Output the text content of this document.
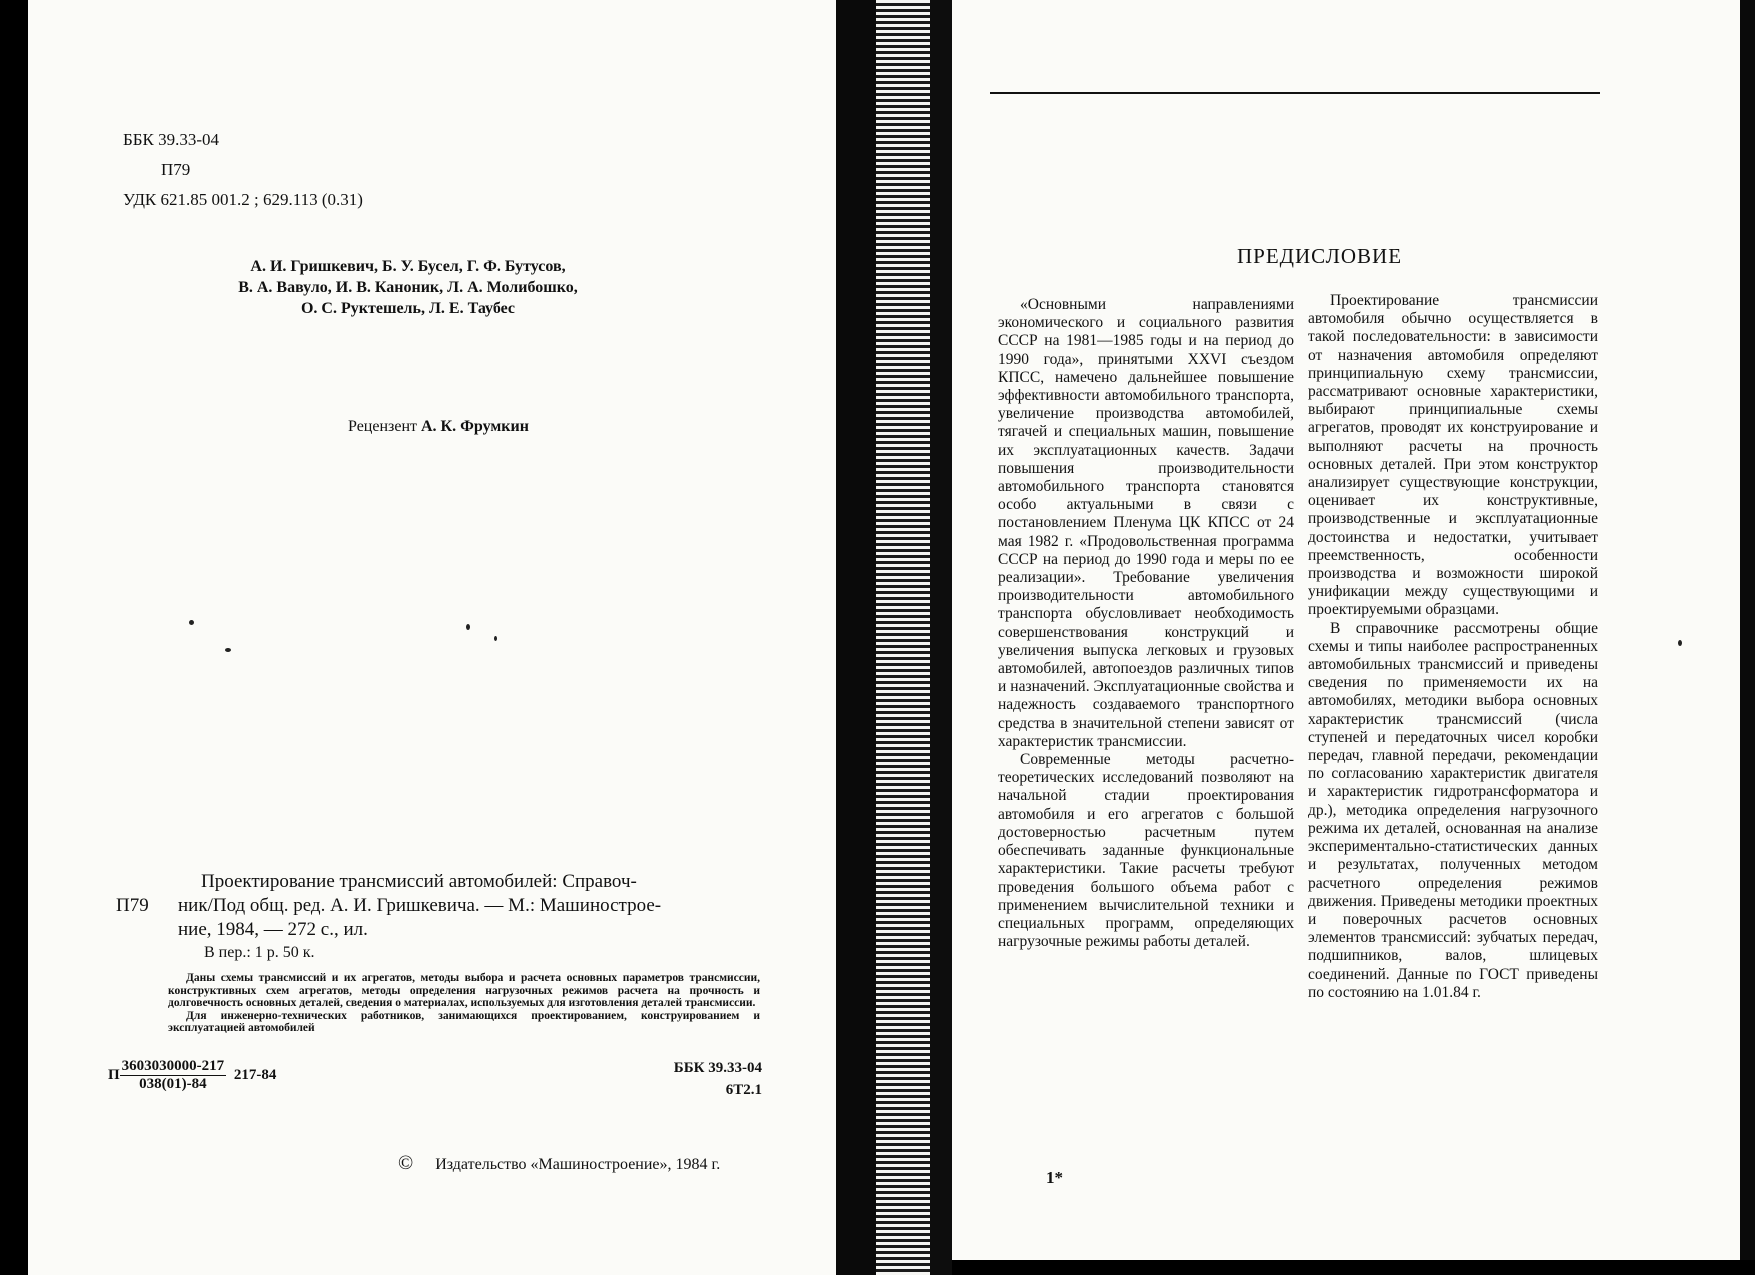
ББК 39.33-04
П79
УДК 621.85 001.2 ; 629.113 (0.31)
А. И. Гришкевич, Б. У. Бусел, Г. Ф. Бутусов,
В. А. Вавуло, И. В. Каноник, Л. А. Молибошко,
О. С. Руктешель, Л. Е. Таубес
Рецензент А. К. Фрумкин
Проектирование трансмиссий автомобилей: Справоч-
П79	ник/Под общ. ред. А. И. Гришкевича. — М.: Машинострое-
ние, 1984, — 272 с., ил.
В пер.: 1 р. 50 к.

Даны схемы трансмиссий и их агрегатов, методы выбора и расчета основных параметров трансмиссии, конструктивных схем агрегатов, методы определения нагрузочных режимов расчета на прочность и долговечность основных деталей, сведения о материалах, используемых для изготовления деталей трансмиссии.

Для инженерно-технических работников, занимающихся проектированием, конструированием и эксплуатацией автомобилей

П $\frac{3603030000-217}{038(01)-84} 217-84$	ББК 39.33-04
6Т2.1
© Издательство «Машиностроение», 1984 г.
ПРЕДИСЛОВИЕ

«Основными направлениями экономического и социального развития СССР на 1981—1985 годы и на период до 1990 года», принятыми XXVI съездом КПСС, намечено дальнейшее повышение эффективности автомобильного транспорта, увеличение производства автомобилей, тягачей и специальных машин, повышение их эксплуатационных качеств. Задачи повышения производительности автомобильного транспорта становятся особо актуальными в связи с постановлением Пленума ЦК КПСС от 24 мая 1982 г. «Продовольственная программа СССР на период до 1990 года и меры по ее реализации». Требование увеличения производительности автомобильного транспорта обусловливает необходимость совершенствования конструкций и увеличения выпуска легковых и грузовых автомобилей, автопоездов различных типов и назначений. Эксплуатационные свойства и надежность создаваемого транспортного средства в значительной степени зависят от характеристик трансмиссии.

Современные методы расчетно-теоретических исследований позволяют на начальной стадии проектирования автомобиля и его агрегатов с большой достоверностью расчетным путем обеспечивать заданные функциональные характеристики. Такие расчеты требуют проведения большого объема работ с применением вычислительной техники и специальных программ, определяющих нагрузочные режимы работы деталей.

Проектирование трансмиссии автомобиля обычно осуществляется в такой последовательности: в зависимости от назначения автомобиля определяют принципиальную схему трансмиссии, рассматривают основные характеристики, выбирают принципиальные схемы агрегатов, проводят их конструирование и выполняют расчеты на прочность основных деталей. При этом конструктор анализирует существующие конструкции, оценивает их конструктивные, производственные и эксплуатационные достоинства и недостатки, учитывает преемственность, особенности производства и возможности широкой унификации между существующими и проектируемыми образцами.

В справочнике рассмотрены общие схемы и типы наиболее распространенных автомобильных трансмиссий и приведены сведения по применяемости их на автомобилях, методики выбора основных характеристик трансмиссий (числа ступеней и передаточных чисел коробки передач, главной передачи, рекомендации по согласованию характеристик двигателя и характеристик гидротрансформатора и др.), методика определения нагрузочного режима их деталей, основанная на анализе экспериментально-статистических данных и результатах, полученных методом расчетного определения режимов движения. Приведены методики проектных и поверочных расчетов основных элементов трансмиссий: зубчатых передач, подшипников, валов, шлицевых соединений. Данные по ГОСТ приведены по состоянию на 1.01.84 г.

1*
